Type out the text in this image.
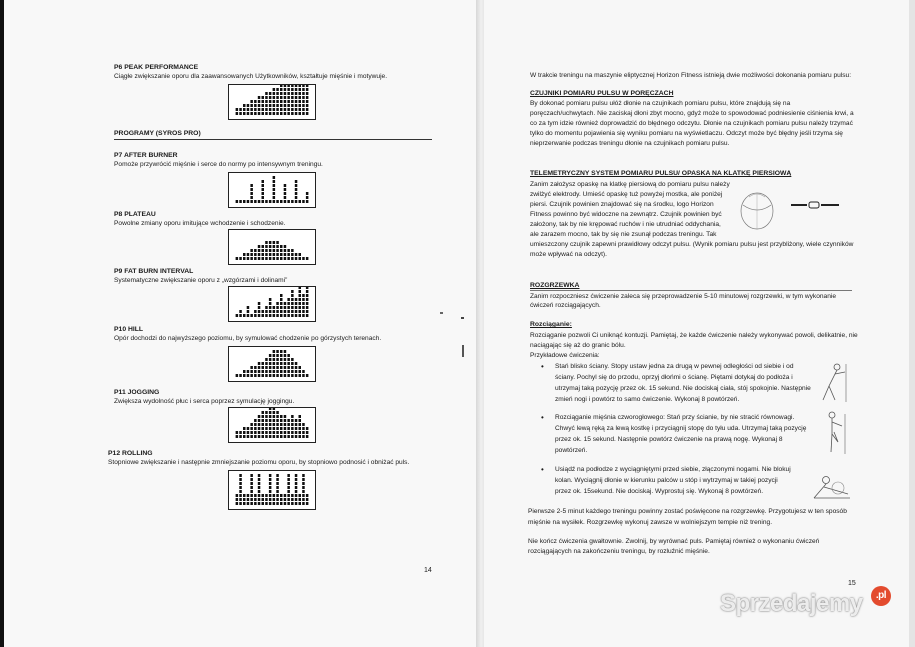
P6 PEAK PERFORMANCE
Ciągłe zwiększanie oporu dla zaawansowanych Użytkowników, kształtuje mięśnie i motywuje.
PROGRAMY (SYROS PRO)
P7 AFTER BURNER
Pomoże przywrócić mięśnie i serce do normy po intensywnym treningu.
P8 PLATEAU
Powolne zmiany oporu imitujące wchodzenie i schodzenie.
P9 FAT BURN INTERVAL
Systematyczne zwiększanie oporu z „wzgórzami i dolinami”
P10 HILL
Opór dochodzi do najwyższego poziomu, by symulować chodzenie po górzystych terenach.
P11 JOGGING
Zwiększa wydolność płuc i serca poprzez symulację joggingu.
P12 ROLLING
Stopniowe zwiększanie i następnie zmniejszanie poziomu oporu, by stopniowo podnosić i obniżać puls.
14
W trakcie treningu na maszynie eliptycznej Horizon Fitness istnieją dwie możliwości dokonania pomiaru pulsu:
CZUJNIKI POMIARU PULSU W PORĘCZACH
By dokonać pomiaru pulsu ułóż dłonie na czujnikach pomiaru pulsu, które znajdują się na
poręczach/uchwytach. Nie zaciskaj dłoni zbyt mocno, gdyż może to spowodować podniesienie ciśnienia krwi, a
co za tym idzie również doprowadzić do błędnego odczytu. Dłonie na czujnikach pomiaru pulsu należy trzymać
tylko do momentu pojawienia się wyniku pomiaru na wyświetlaczu. Odczyt może być błędny jeśli trzyma się
nieprzerwanie podczas treningu dłonie na czujnikach pomiaru pulsu.
TELEMETRYCZNY SYSTEM POMIARU PULSU/ OPASKA NA KLATKĘ PIERSIOWĄ
Zanim założysz opaskę na klatkę piersiową do pomiaru pulsu należy
zwilżyć elektrody. Umieść opaskę tuż powyżej mostka, ale poniżej
piersi. Czujnik powinien znajdować się na środku, logo Horizon
Fitness powinno być widoczne na zewnątrz. Czujnik powinien być
założony, tak by nie krępować ruchów i nie utrudniać oddychania,
ale zarazem mocno, tak by się nie zsunął podczas treningu. Tak
umieszczony czujnik zapewni prawidłowy odczyt pulsu. (Wynik pomiaru pulsu jest przybliżony, wiele czynników
może wpływać na odczyt).
ROZGRZEWKA
Zanim rozpoczniesz ćwiczenie zaleca się przeprowadzenie 5-10 minutowej rozgrzewki, w tym wykonanie
ćwiczeń rozciągających.
Rozciąganie:
Rozciąganie pozwoli Ci uniknąć kontuzji. Pamiętaj, że każde ćwiczenie należy wykonywać powoli, delikatnie, nie
naciągając się aż do granic bólu.
Przykładowe ćwiczenia:
• Stań blisko ściany. Stopy ustaw jedna za drugą w pewnej odległości od siebie i od
ściany. Pochyl się do przodu, oprzyj dłońmi o ścianę. Piętami dotykaj do podłoża i
utrzymaj taką pozycję przez ok. 15 sekund. Nie dociskaj ciała, stój spokojnie. Następnie
zmień nogi i powtórz to samo ćwiczenie. Wykonaj 8 powtórzeń.
• Rozciąganie mięśnia czworogłowego: Stań przy ścianie, by nie stracić równowagi.
Chwyć lewą ręką za lewą kostkę i przyciągnij stopę do tyłu uda. Utrzymaj taką pozycję
przez ok. 15 sekund. Następnie powtórz ćwiczenie na prawą nogę. Wykonaj 8
powtórzeń.
• Usiądź na podłodze z wyciągniętymi przed siebie, złączonymi nogami. Nie blokuj
kolan. Wyciągnij dłonie w kierunku palców u stóp i wytrzymaj w takiej pozycji
przez ok. 15sekund. Nie dociskaj. Wyprostuj się. Wykonaj 8 powtórzeń.
Pierwsze 2-5 minut każdego treningu powinny zostać poświęcone na rozgrzewkę. Przygotujesz w ten sposób
mięśnie na wysiłek. Rozgrzewkę wykonuj zawsze w wolniejszym tempie niż trening.
Nie kończ ćwiczenia gwałtownie. Zwolnij, by wyrównać puls. Pamiętaj również o wykonaniu ćwiczeń
rozciągających na zakończeniu treningu, by rozluźnić mięśnie.
15
Sprzedajemy	.pl
